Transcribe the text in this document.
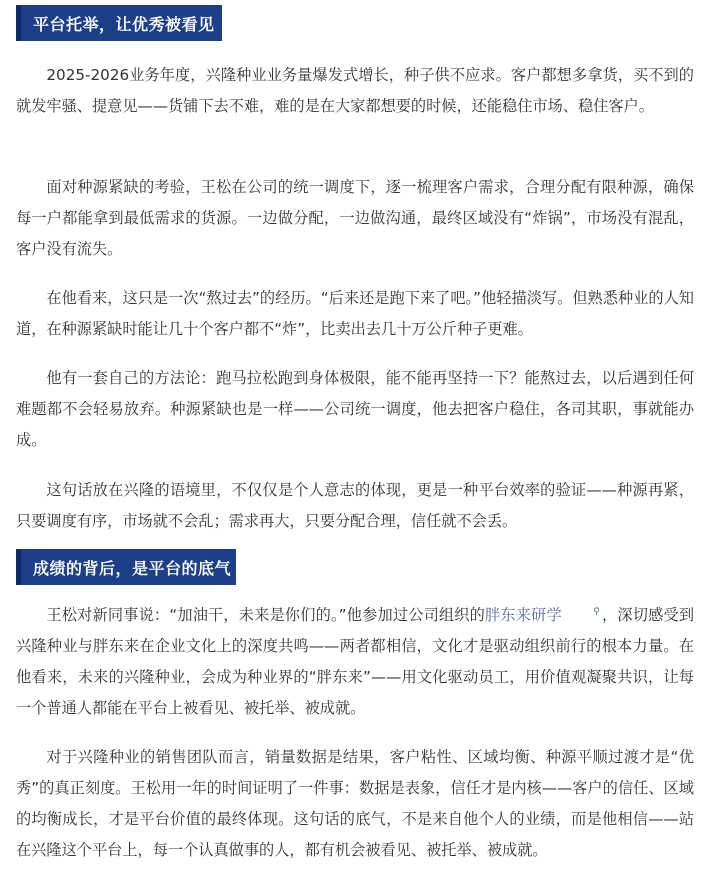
平台托举，让优秀被看见

2025-2026业务年度，兴隆种业业务量爆发式增长，种子供不应求。客户都想多拿货，买不到的就发牢骚、提意见——货铺下去不难，难的是在大家都想要的时候，还能稳住市场、稳住客户。

面对种源紧缺的考验，王松在公司的统一调度下，逐一梳理客户需求，合理分配有限种源，确保每一户都能拿到最低需求的货源。一边做分配，一边做沟通，最终区域没有“炸锅”，市场没有混乱，客户没有流失。

在他看来，这只是一次“熬过去”的经历。“后来还是跑下来了吧。”他轻描淡写。但熟悉种业的人知道，在种源紧缺时能让几十个客户都不“炸”，比卖出去几十万公斤种子更难。

他有一套自己的方法论：跑马拉松跑到身体极限，能不能再坚持一下？能熬过去，以后遇到任何难题都不会轻易放弃。种源紧缺也是一样——公司统一调度，他去把客户稳住，各司其职，事就能办成。

这句话放在兴隆的语境里，不仅仅是个人意志的体现，更是一种平台效率的验证——种源再紧，只要调度有序，市场就不会乱；需求再大，只要分配合理，信任就不会丢。

成绩的背后，是平台的底气

王松对新同事说：“加油干，未来是你们的。”他参加过公司组织的胖东来研学	⚲ ，深切感受到兴隆种业与胖东来在企业文化上的深度共鸣——两者都相信，文化才是驱动组织前行的根本力量。在他看来，未来的兴隆种业，会成为种业界的“胖东来”——用文化驱动员工，用价值观凝聚共识，让每一个普通人都能在平台上被看见、被托举、被成就。

对于兴隆种业的销售团队而言，销量数据是结果，客户粘性、区域均衡、种源平顺过渡才是“优秀”的真正刻度。王松用一年的时间证明了一件事：数据是表象，信任才是内核——客户的信任、区域的均衡成长，才是平台价值的最终体现。这句话的底气，不是来自他个人的业绩，而是他相信——站在兴隆这个平台上，每一个认真做事的人，都有机会被看见、被托举、被成就。
